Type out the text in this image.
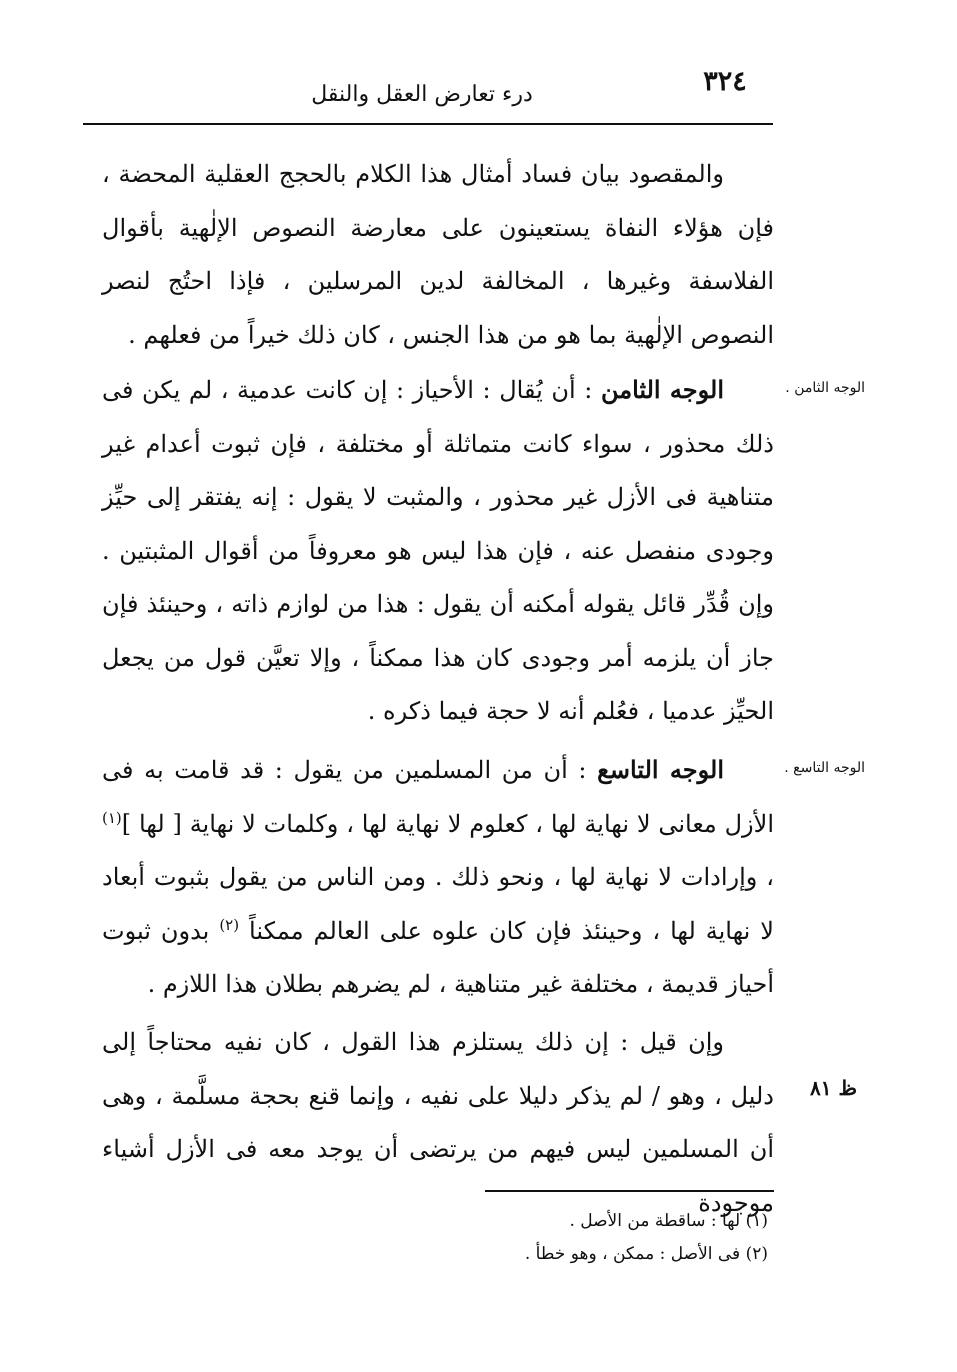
٣٢٤
درء تعارض العقل والنقل

والمقصود بيان فساد أمثال هذا الكلام بالحجج العقلية المحضة ، فإن هؤلاء النفاة يستعينون على معارضة النصوص الإلٰهية بأقوال الفلاسفة وغيرها ، المخالفة لدين المرسلين ، فإذا احتُج لنصر النصوص الإلٰهية بما هو من هذا الجنس ، كان ذلك خيراً من فعلهم .

الوجه الثامن : أن يُقال : الأحياز : إن كانت عدمية ، لم يكن فى ذلك محذور ، سواء كانت متماثلة أو مختلفة ، فإن ثبوت أعدام غير متناهية فى الأزل غير محذور ، والمثبت لا يقول : إنه يفتقر إلى حيِّز وجودى منفصل عنه ، فإن هذا ليس هو معروفاً من أقوال المثبتين . وإن قُدِّر قائل يقوله أمكنه أن يقول : هذا من لوازم ذاته ، وحينئذ فإن جاز أن يلزمه أمر وجودى كان هذا ممكناً ، وإلا تعيَّن قول من يجعل الحيِّز عدميا ، فعُلم أنه لا حجة فيما ذكره .

الوجه التاسع : أن من المسلمين من يقول : قد قامت به فى الأزل معانى لا نهاية لها ، كعلوم لا نهاية لها ، وكلمات لا نهاية [ لها ]$^{(١)}$ ، وإرادات لا نهاية لها ، ونحو ذلك . ومن الناس من يقول بثبوت أبعاد لا نهاية لها ، وحينئذ فإن كان علوه على العالم ممكناً $^{(٢)}$ بدون ثبوت أحياز قديمة ، مختلفة غير متناهية ، لم يضرهم بطلان هذا اللازم .

وإن قيل : إن ذلك يستلزم هذا القول ، كان نفيه محتاجاً إلى دليل ، وهو / لم يذكر دليلا على نفيه ، وإنما قنع بحجة مسلَّمة ، وهى أن المسلمين ليس فيهم من يرتضى أن يوجد معه فى الأزل أشياء موجودة

الوجه الثامن .
الوجه التاسع .
ظ ٨١

(١) لها : ساقطة من الأصل .

(٢) فى الأصل : ممكن ، وهو خطأ .
